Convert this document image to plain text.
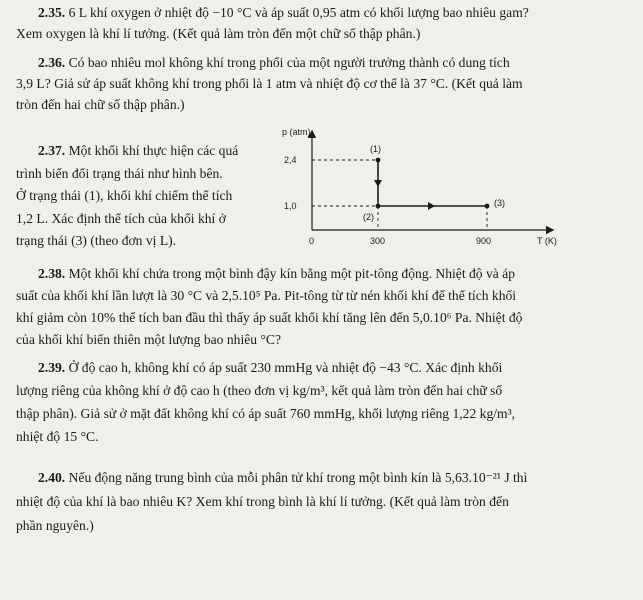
2.35. 6 L khí oxygen ở nhiệt độ −10 °C và áp suất 0,95 atm có khối lượng bao nhiêu gam?
Xem oxygen là khí lí tưởng. (Kết quả làm tròn đến một chữ số thập phân.)

2.36. Có bao nhiêu mol không khí trong phổi của một người trưởng thành có dung tích
3,9 L? Giả sử áp suất không khí trong phổi là 1 atm và nhiệt độ cơ thể là 37 °C. (Kết quả làm
tròn đến hai chữ số thập phân.)

2.37. Một khối khí thực hiện các quá
trình biến đổi trạng thái như hình bên.
Ở trạng thái (1), khối khí chiếm thể tích
1,2 L. Xác định thể tích của khối khí ở
trạng thái (3) (theo đơn vị L).

p (atm)
T (K)
2,4
1,0
0	300	900
(1)
(2)
(3)

2.38. Một khối khí chứa trong một bình đậy kín bằng một pit-tông động. Nhiệt độ và áp
suất của khối khí lần lượt là 30 °C và 2,5.10⁵ Pa. Pit-tông từ từ nén khối khí để thể tích khối
khí giảm còn 10% thể tích ban đầu thì thấy áp suất khối khí tăng lên đến 5,0.10⁶ Pa. Nhiệt độ
của khối khí biến thiên một lượng bao nhiêu °C?

2.39. Ở độ cao h, không khí có áp suất 230 mmHg và nhiệt độ −43 °C. Xác định khối
lượng riêng của không khí ở độ cao h (theo đơn vị kg/m³, kết quả làm tròn đến hai chữ số
thập phân). Giả sử ở mặt đất không khí có áp suất 760 mmHg, khối lượng riêng 1,22 kg/m³,
nhiệt độ 15 °C.

2.40. Nếu động năng trung bình của mỗi phân tử khí trong một bình kín là 5,63.10⁻²¹ J thì
nhiệt độ của khí là bao nhiêu K? Xem khí trong bình là khí lí tưởng. (Kết quả làm tròn đến
phần nguyên.)
